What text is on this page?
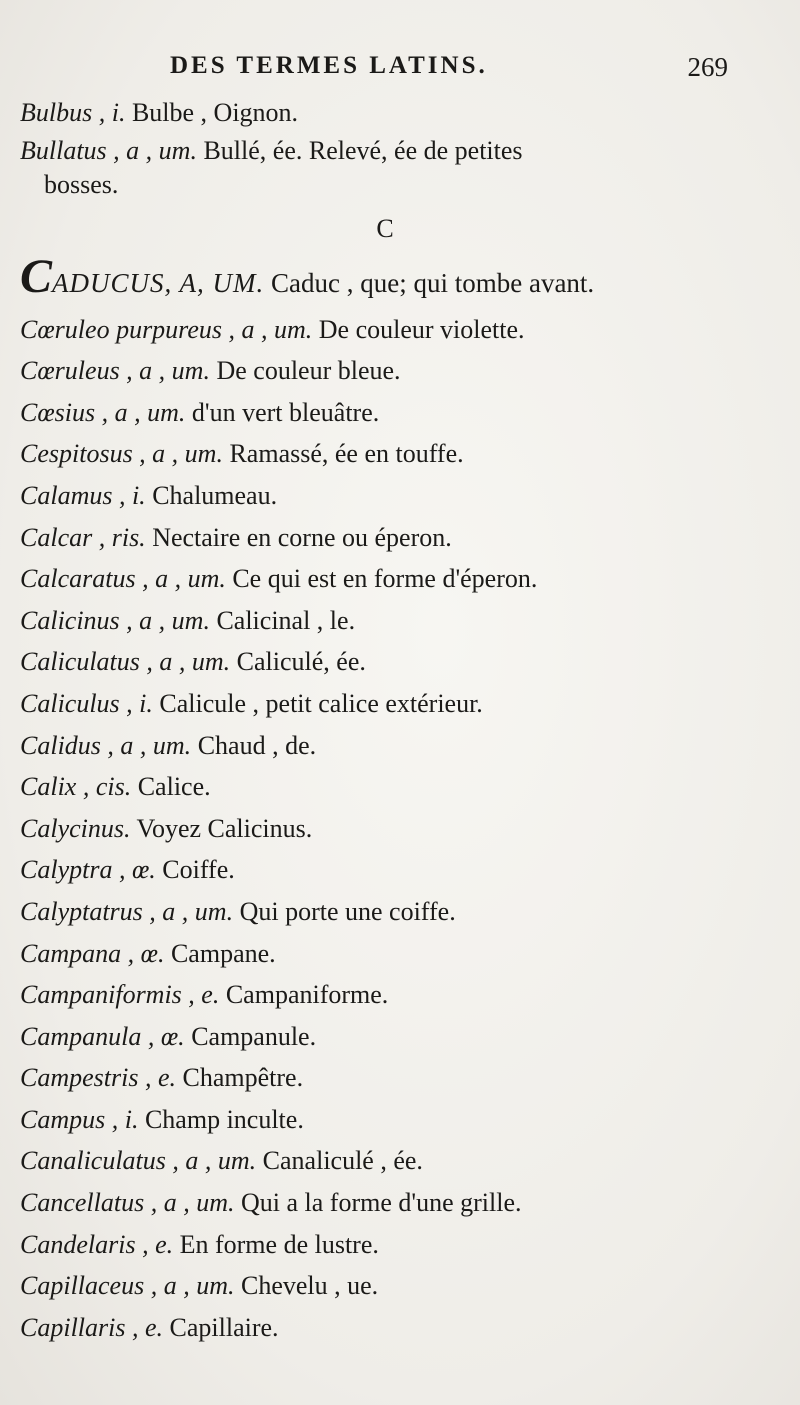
DES TERMES LATINS.	269
Bulbus , i. Bulbe , Oignon.
Bullatus , a , um. Bullé, ée. Relevé, ée de petites
bosses.
C
CADUCUS, A, UM. Caduc , que; qui tombe avant.
Cœruleo purpureus , a , um. De couleur violette.
Cœruleus , a , um. De couleur bleue.
Cœsius , a , um. d'un vert bleuâtre.
Cespitosus , a , um. Ramassé, ée en touffe.
Calamus , i. Chalumeau.
Calcar , ris. Nectaire en corne ou éperon.
Calcaratus , a , um. Ce qui est en forme d'éperon.
Calicinus , a , um. Calicinal , le.
Caliculatus , a , um. Caliculé, ée.
Caliculus , i. Calicule , petit calice extérieur.
Calidus , a , um. Chaud , de.
Calix , cis. Calice.
Calycinus. Voyez Calicinus.
Calyptra , œ. Coiffe.
Calyptatrus , a , um. Qui porte une coiffe.
Campana , œ. Campane.
Campaniformis , e. Campaniforme.
Campanula , œ. Campanule.
Campestris , e. Champêtre.
Campus , i. Champ inculte.
Canaliculatus , a , um. Canaliculé , ée.
Cancellatus , a , um. Qui a la forme d'une grille.
Candelaris , e. En forme de lustre.
Capillaceus , a , um. Chevelu , ue.
Capillaris , e. Capillaire.
